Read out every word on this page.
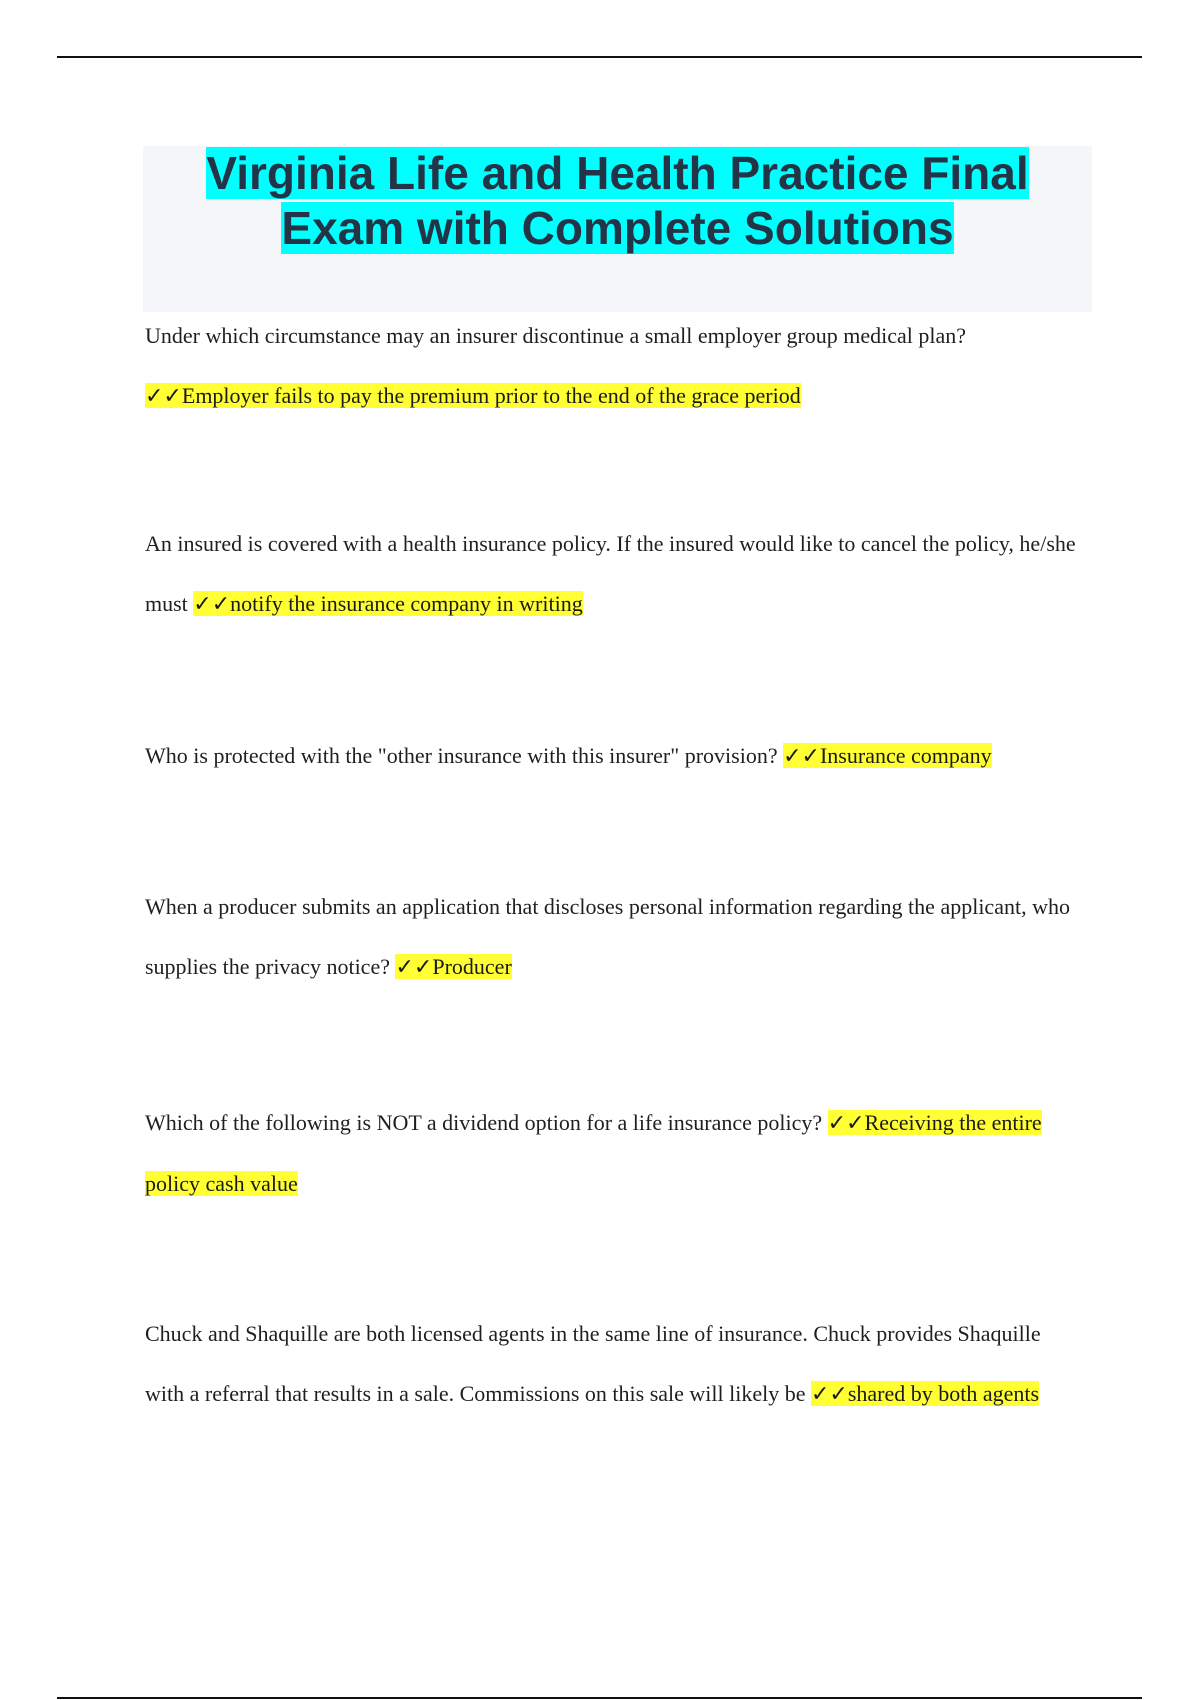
Virginia Life and Health Practice Final
Exam with Complete Solutions

Under which circumstance may an insurer discontinue a small employer group medical plan?
✓✓Employer fails to pay the premium prior to the end of the grace period

An insured is covered with a health insurance policy. If the insured would like to cancel the policy, he/she must ✓✓notify the insurance company in writing

Who is protected with the "other insurance with this insurer" provision? ✓✓Insurance company

When a producer submits an application that discloses personal information regarding the applicant, who supplies the privacy notice? ✓✓Producer

Which of the following is NOT a dividend option for a life insurance policy? ✓✓Receiving the entire policy cash value

Chuck and Shaquille are both licensed agents in the same line of insurance. Chuck provides Shaquille with a referral that results in a sale. Commissions on this sale will likely be ✓✓shared by both agents
